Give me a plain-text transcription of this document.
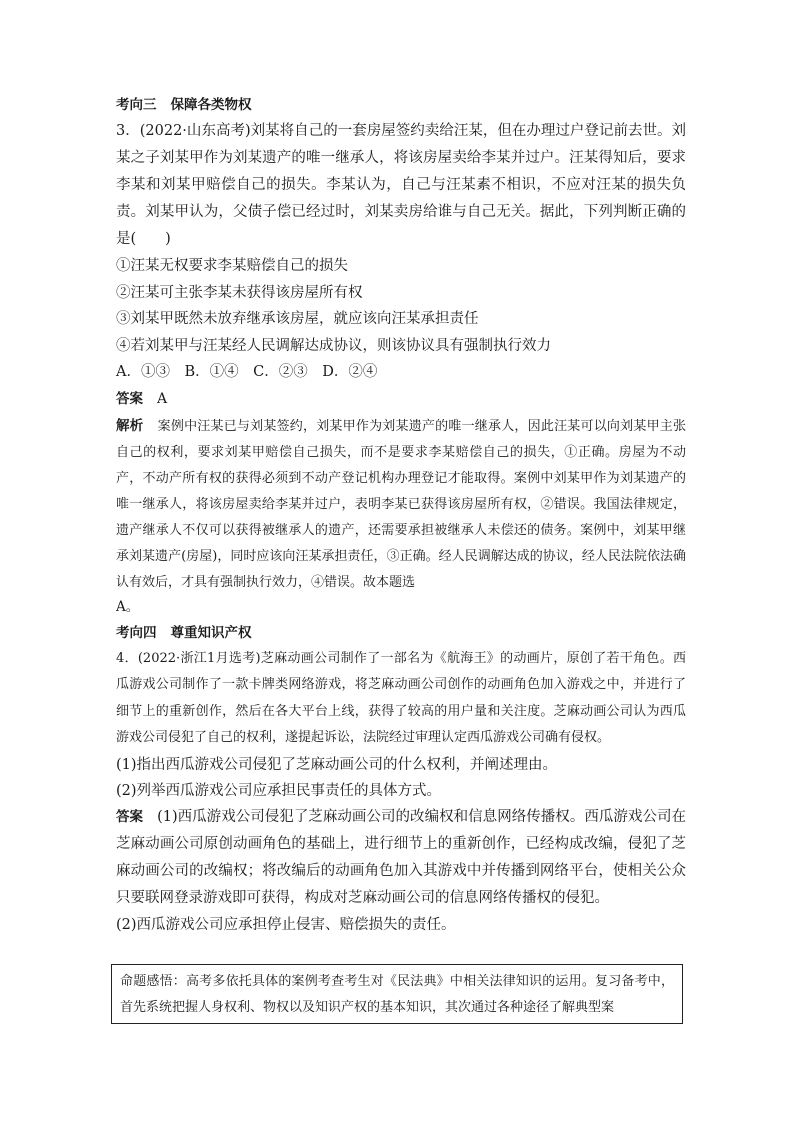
考向三 保障各类物权

3．(2022·山东高考)刘某将自己的一套房屋签约卖给汪某，但在办理过户登记前去世。刘某之子刘某甲作为刘某遗产的唯一继承人，将该房屋卖给李某并过户。汪某得知后，要求李某和刘某甲赔偿自己的损失。李某认为，自己与汪某素不相识，不应对汪某的损失负责。刘某甲认为，父债子偿已经过时，刘某卖房给谁与自己无关。据此，下列判断正确的是(　　)

①汪某无权要求李某赔偿自己的损失

②汪某可主张李某未获得该房屋所有权

③刘某甲既然未放弃继承该房屋，就应该向汪某承担责任

④若刘某甲与汪某经人民调解达成协议，则该协议具有强制执行效力

A．①③　B．①④　C．②③　D．②④

答案 A

解析 案例中汪某已与刘某签约，刘某甲作为刘某遗产的唯一继承人，因此汪某可以向刘某甲主张自己的权利，要求刘某甲赔偿自己损失，而不是要求李某赔偿自己的损失，①正确。房屋为不动产，不动产所有权的获得必须到不动产登记机构办理登记才能取得。案例中刘某甲作为刘某遗产的唯一继承人，将该房屋卖给李某并过户，表明李某已获得该房屋所有权，②错误。我国法律规定，遗产继承人不仅可以获得被继承人的遗产，还需要承担被继承人未偿还的债务。案例中，刘某甲继承刘某遗产(房屋)，同时应该向汪某承担责任，③正确。经人民调解达成的协议，经人民法院依法确认有效后，才具有强制执行效力，④错误。故本题选

A。

考向四 尊重知识产权

4．(2022·浙江1月选考)芝麻动画公司制作了一部名为《航海王》的动画片，原创了若干角色。西瓜游戏公司制作了一款卡牌类网络游戏，将芝麻动画公司创作的动画角色加入游戏之中，并进行了细节上的重新创作，然后在各大平台上线，获得了较高的用户量和关注度。芝麻动画公司认为西瓜游戏公司侵犯了自己的权利，遂提起诉讼，法院经过审理认定西瓜游戏公司确有侵权。

(1)指出西瓜游戏公司侵犯了芝麻动画公司的什么权利，并阐述理由。

(2)列举西瓜游戏公司应承担民事责任的具体方式。

答案 (1)西瓜游戏公司侵犯了芝麻动画公司的改编权和信息网络传播权。西瓜游戏公司在芝麻动画公司原创动画角色的基础上，进行细节上的重新创作，已经构成改编，侵犯了芝麻动画公司的改编权；将改编后的动画角色加入其游戏中并传播到网络平台，使相关公众只要联网登录游戏即可获得，构成对芝麻动画公司的信息网络传播权的侵犯。

(2)西瓜游戏公司应承担停止侵害、赔偿损失的责任。

命题感悟：高考多依托具体的案例考查考生对《民法典》中相关法律知识的运用。复习备考中，首先系统把握人身权利、物权以及知识产权的基本知识，其次通过各种途径了解典型案
